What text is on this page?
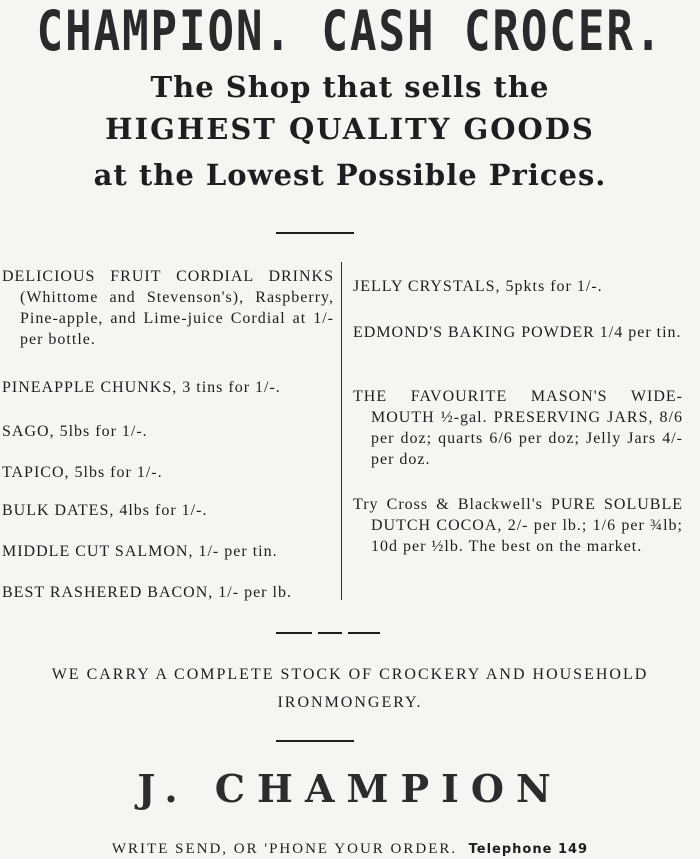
CHAMPION. CASH CROCER.
The Shop that sells the
HIGHEST QUALITY GOODS
at the Lowest Possible Prices.
DELICIOUS FRUIT CORDIAL DRINKS (Whittome and Stevenson's), Raspberry, Pine-apple, and Lime-juice Cordial at 1/- per bottle.
PINEAPPLE CHUNKS, 3 tins for 1/-.
SAGO, 5lbs for 1/-.
TAPICO, 5lbs for 1/-.
BULK DATES, 4lbs for 1/-.
MIDDLE CUT SALMON, 1/- per tin.
BEST RASHERED BACON, 1/- per lb.
JELLY CRYSTALS, 5pkts for 1/-.
EDMOND'S BAKING POWDER 1/4 per tin.
THE FAVOURITE MASON'S WIDE-MOUTH ½-gal. PRESERVING JARS, 8/6 per doz; quarts 6/6 per doz; Jelly Jars 4/- per doz.
Try Cross & Blackwell's PURE SOLUBLE DUTCH COCOA, 2/- per lb.; 1/6 per ¾lb; 10d per ½lb. The best on the market.
WE CARRY A COMPLETE STOCK OF CROCKERY AND HOUSEHOLD
IRONMONGERY.
J. CHAMPION
WRITE SEND, OR 'PHONE YOUR ORDER. Telephone 149
